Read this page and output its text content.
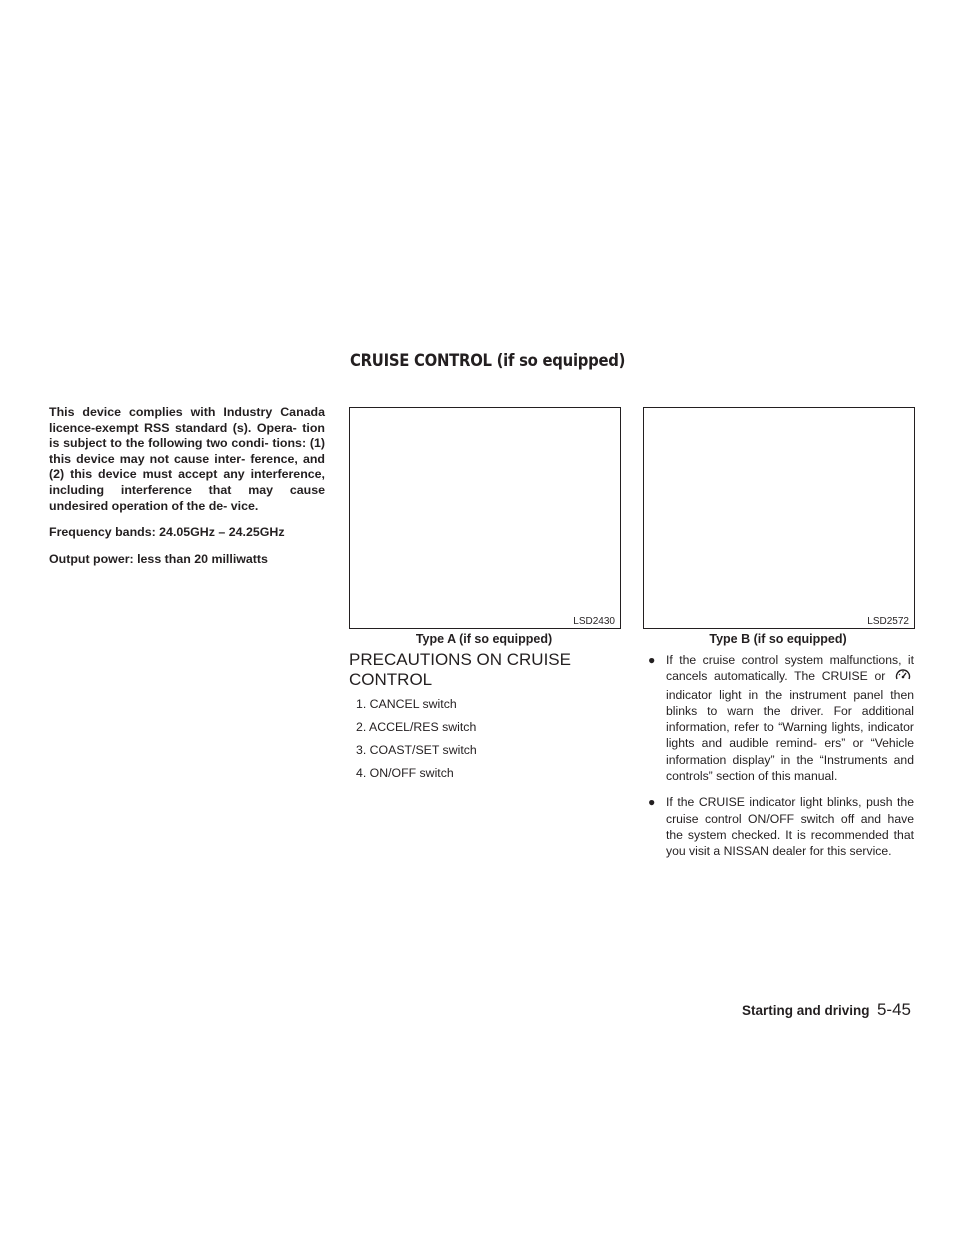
CRUISE CONTROL (if so equipped)

This device complies with Industry Canada licence-exempt RSS standard (s). Opera- tion is subject to the following two condi- tions: (1) this device may not cause inter- ference, and (2) this device must accept any interference, including interference that may cause undesired operation of the de- vice.

Frequency bands: 24.05GHz – 24.25GHz

Output power: less than 20 milliwatts

LSD2430
Type A (if so equipped)
LSD2572
Type B (if so equipped)
PRECAUTIONS ON CRUISE
CONTROL
1. CANCEL switch
2. ACCEL/RES switch
3. COAST/SET switch
4. ON/OFF switch
● If the cruise control system malfunctions, it cancels automatically. The CRUISE or  indicator light in the instrument panel then blinks to warn the driver. For additional information, refer to “Warning lights, indicator lights and audible remind- ers” or “Vehicle information display” in the “Instruments and controls” section of this manual.
● If the CRUISE indicator light blinks, push the cruise control ON/OFF switch off and have the system checked. It is recommended that you visit a NISSAN dealer for this service.
Starting and driving 5-45
